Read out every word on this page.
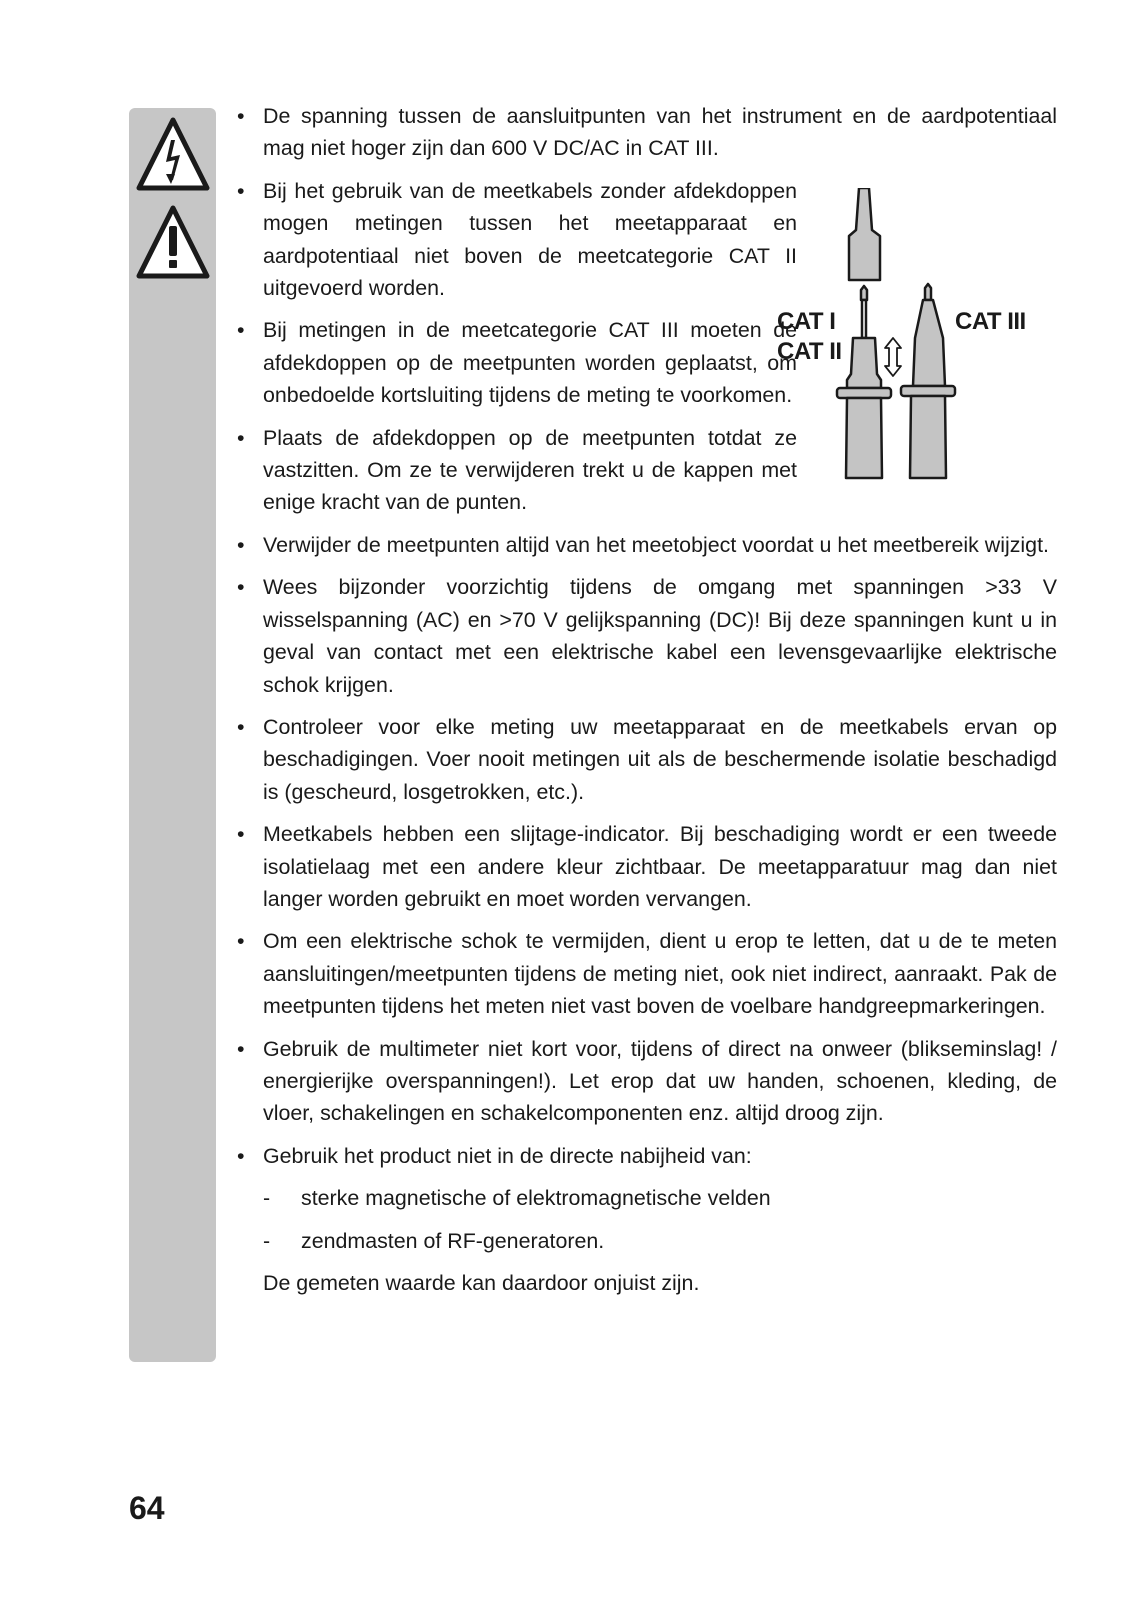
• De spanning tussen de aansluitpunten van het instrument en de aardpotentiaal mag niet hoger zijn dan 600 V DC/AC in CAT III.
• Bij het gebruik van de meetkabels zonder afdekdoppen mogen metingen tussen het meetapparaat en aardpotentiaal niet boven de meetcategorie CAT II uitgevoerd worden.
• Bij metingen in de meetcategorie CAT III moeten de afdekdoppen op de meetpunten worden geplaatst, om onbedoelde kortsluiting tijdens de meting te voorkomen.
• Plaats de afdekdoppen op de meetpunten totdat ze vastzitten. Om ze te verwijderen trekt u de kappen met enige kracht van de punten.
• Verwijder de meetpunten altijd van het meetobject voordat u het meetbereik wijzigt.
• Wees bijzonder voorzichtig tijdens de omgang met spanningen >33 V wisselspanning (AC) en >70 V gelijkspanning (DC)! Bij deze spanningen kunt u in geval van contact met een elektrische kabel een levensgevaarlijke elektrische schok krijgen.
• Controleer voor elke meting uw meetapparaat en de meetkabels ervan op beschadigingen. Voer nooit metingen uit als de beschermende isolatie beschadigd is (gescheurd, losgetrokken, etc.).
• Meetkabels hebben een slijtage-indicator. Bij beschadiging wordt er een tweede isolatielaag met een andere kleur zichtbaar. De meetapparatuur mag dan niet langer worden gebruikt en moet worden vervangen.
• Om een elektrische schok te vermijden, dient u erop te letten, dat u de te meten aansluitingen/meetpunten tijdens de meting niet, ook niet indirect, aanraakt. Pak de meetpunten tijdens het meten niet vast boven de voelbare handgreepmarkeringen.
• Gebruik de multimeter niet kort voor, tijdens of direct na onweer (blikseminslag! / energierijke overspanningen!). Let erop dat uw handen, schoenen, kleding, de vloer, schakelingen en schakelcomponenten enz. altijd droog zijn.
• Gebruik het product niet in de directe nabijheid van:
- sterke magnetische of elektromagnetische velden
- zendmasten of RF-generatoren.
De gemeten waarde kan daardoor onjuist zijn.
CAT I
CAT II
CAT III
64
